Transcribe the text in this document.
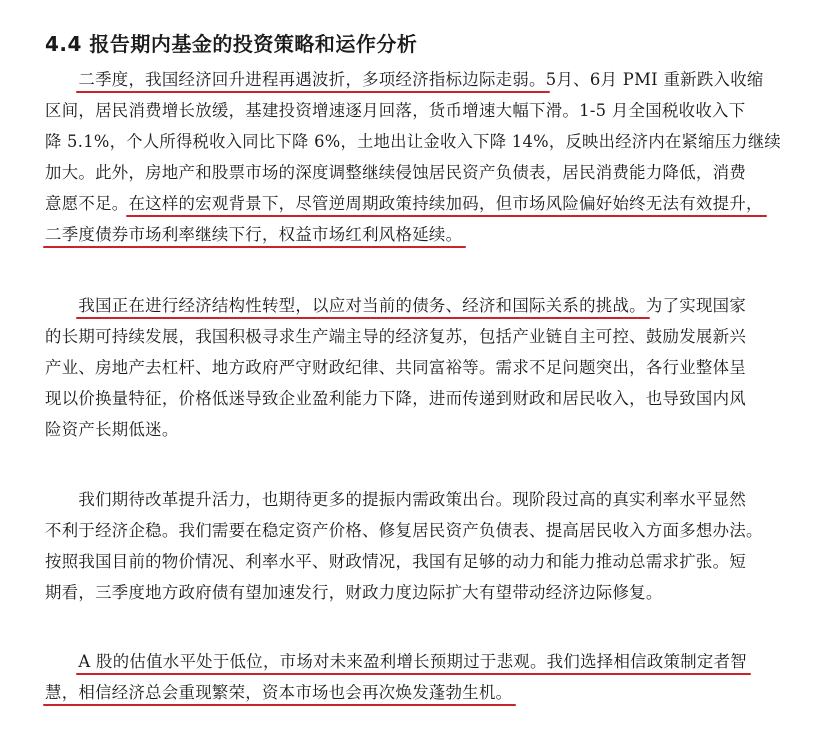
4.4 报告期内基金的投资策略和运作分析
　　二季度，我国经济回升进程再遇波折，多项经济指标边际走弱。5月、6月 PMI 重新跌入收缩
区间，居民消费增长放缓，基建投资增速逐月回落，货币增速大幅下滑。1-5 月全国税收收入下
降 5.1%，个人所得税收入同比下降 6%，土地出让金收入下降 14%，反映出经济内在紧缩压力继续
加大。此外，房地产和股票市场的深度调整继续侵蚀居民资产负债表，居民消费能力降低，消费
意愿不足。在这样的宏观背景下，尽管逆周期政策持续加码，但市场风险偏好始终无法有效提升，
二季度债券市场利率继续下行，权益市场红利风格延续。
　　我国正在进行经济结构性转型，以应对当前的债务、经济和国际关系的挑战。为了实现国家
的长期可持续发展，我国积极寻求生产端主导的经济复苏，包括产业链自主可控、鼓励发展新兴
产业、房地产去杠杆、地方政府严守财政纪律、共同富裕等。需求不足问题突出，各行业整体呈
现以价换量特征，价格低迷导致企业盈利能力下降，进而传递到财政和居民收入，也导致国内风
险资产长期低迷。
　　我们期待改革提升活力，也期待更多的提振内需政策出台。现阶段过高的真实利率水平显然
不利于经济企稳。我们需要在稳定资产价格、修复居民资产负债表、提高居民收入方面多想办法。
按照我国目前的物价情况、利率水平、财政情况，我国有足够的动力和能力推动总需求扩张。短
期看，三季度地方政府债有望加速发行，财政力度边际扩大有望带动经济边际修复。
　　A 股的估值水平处于低位，市场对未来盈利增长预期过于悲观。我们选择相信政策制定者智
慧，相信经济总会重现繁荣，资本市场也会再次焕发蓬勃生机。
